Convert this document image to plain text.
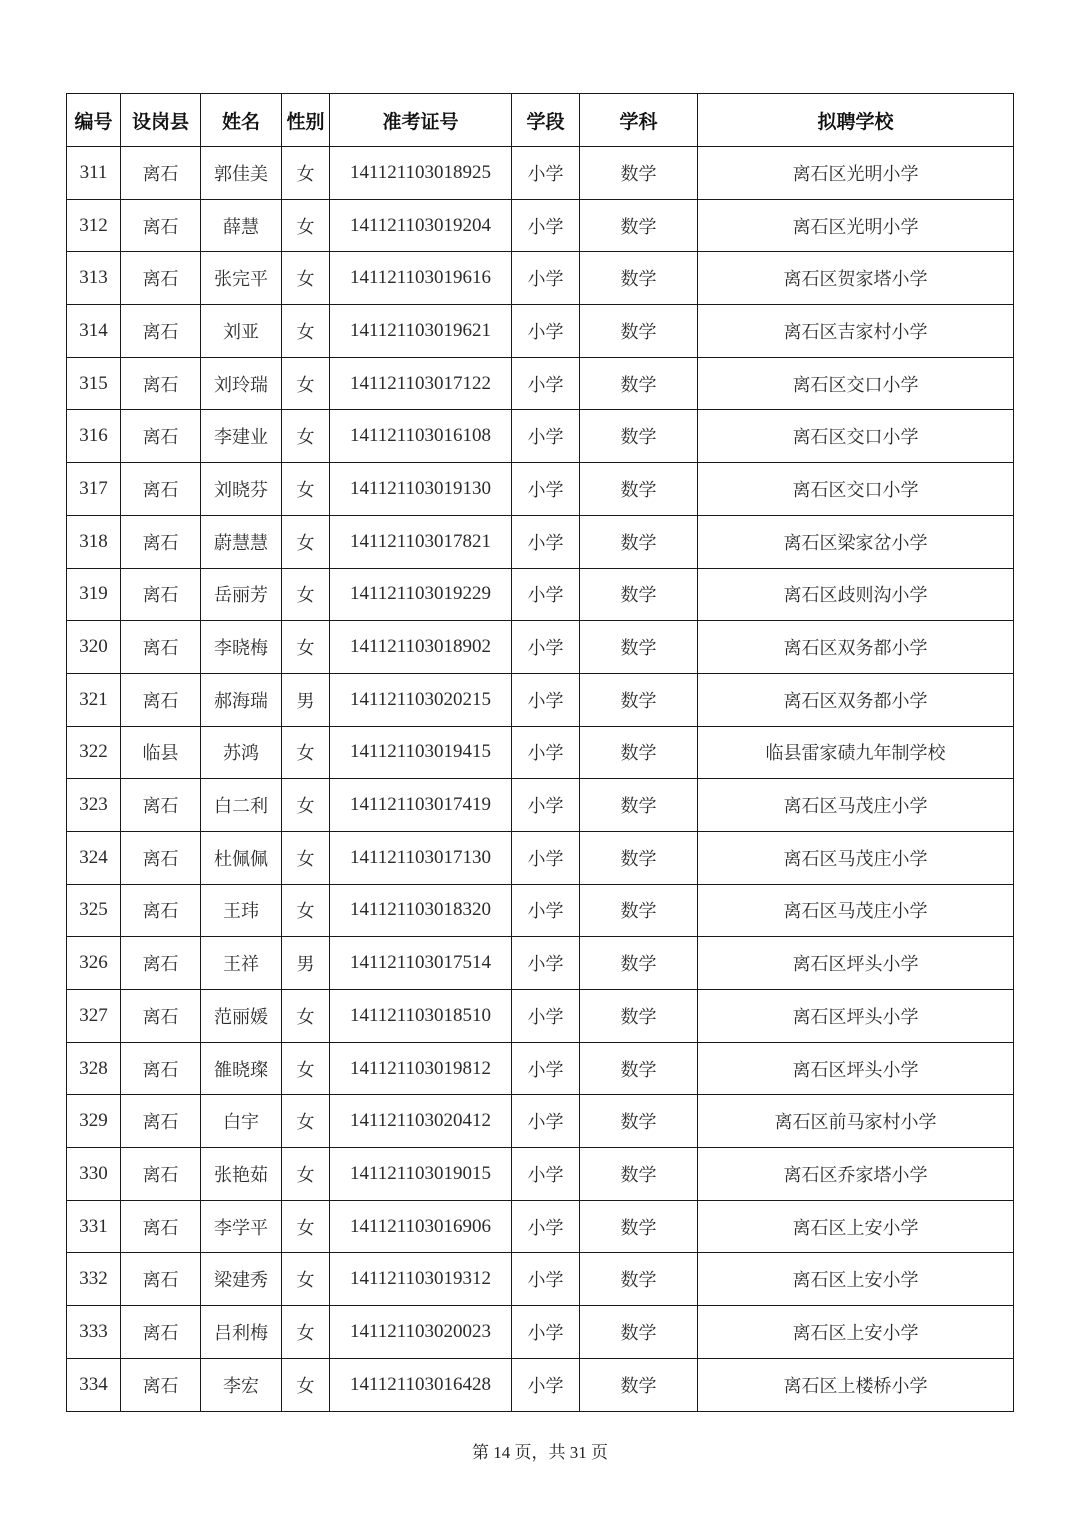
编号	设岗县	姓名	性别	准考证号	学段	学科	拟聘学校
311	离石	郭佳美	女	141121103018925	小学	数学	离石区光明小学
312	离石	薛慧	女	141121103019204	小学	数学	离石区光明小学
313	离石	张完平	女	141121103019616	小学	数学	离石区贺家塔小学
314	离石	刘亚	女	141121103019621	小学	数学	离石区吉家村小学
315	离石	刘玲瑞	女	141121103017122	小学	数学	离石区交口小学
316	离石	李建业	女	141121103016108	小学	数学	离石区交口小学
317	离石	刘晓芬	女	141121103019130	小学	数学	离石区交口小学
318	离石	蔚慧慧	女	141121103017821	小学	数学	离石区梁家岔小学
319	离石	岳丽芳	女	141121103019229	小学	数学	离石区歧则沟小学
320	离石	李晓梅	女	141121103018902	小学	数学	离石区双务都小学
321	离石	郝海瑞	男	141121103020215	小学	数学	离石区双务都小学
322	临县	苏鸿	女	141121103019415	小学	数学	临县雷家碛九年制学校
323	离石	白二利	女	141121103017419	小学	数学	离石区马茂庄小学
324	离石	杜佩佩	女	141121103017130	小学	数学	离石区马茂庄小学
325	离石	王玮	女	141121103018320	小学	数学	离石区马茂庄小学
326	离石	王祥	男	141121103017514	小学	数学	离石区坪头小学
327	离石	范丽媛	女	141121103018510	小学	数学	离石区坪头小学
328	离石	雒晓璨	女	141121103019812	小学	数学	离石区坪头小学
329	离石	白宇	女	141121103020412	小学	数学	离石区前马家村小学
330	离石	张艳茹	女	141121103019015	小学	数学	离石区乔家塔小学
331	离石	李学平	女	141121103016906	小学	数学	离石区上安小学
332	离石	梁建秀	女	141121103019312	小学	数学	离石区上安小学
333	离石	吕利梅	女	141121103020023	小学	数学	离石区上安小学
334	离石	李宏	女	141121103016428	小学	数学	离石区上楼桥小学
第 14 页，共 31 页
